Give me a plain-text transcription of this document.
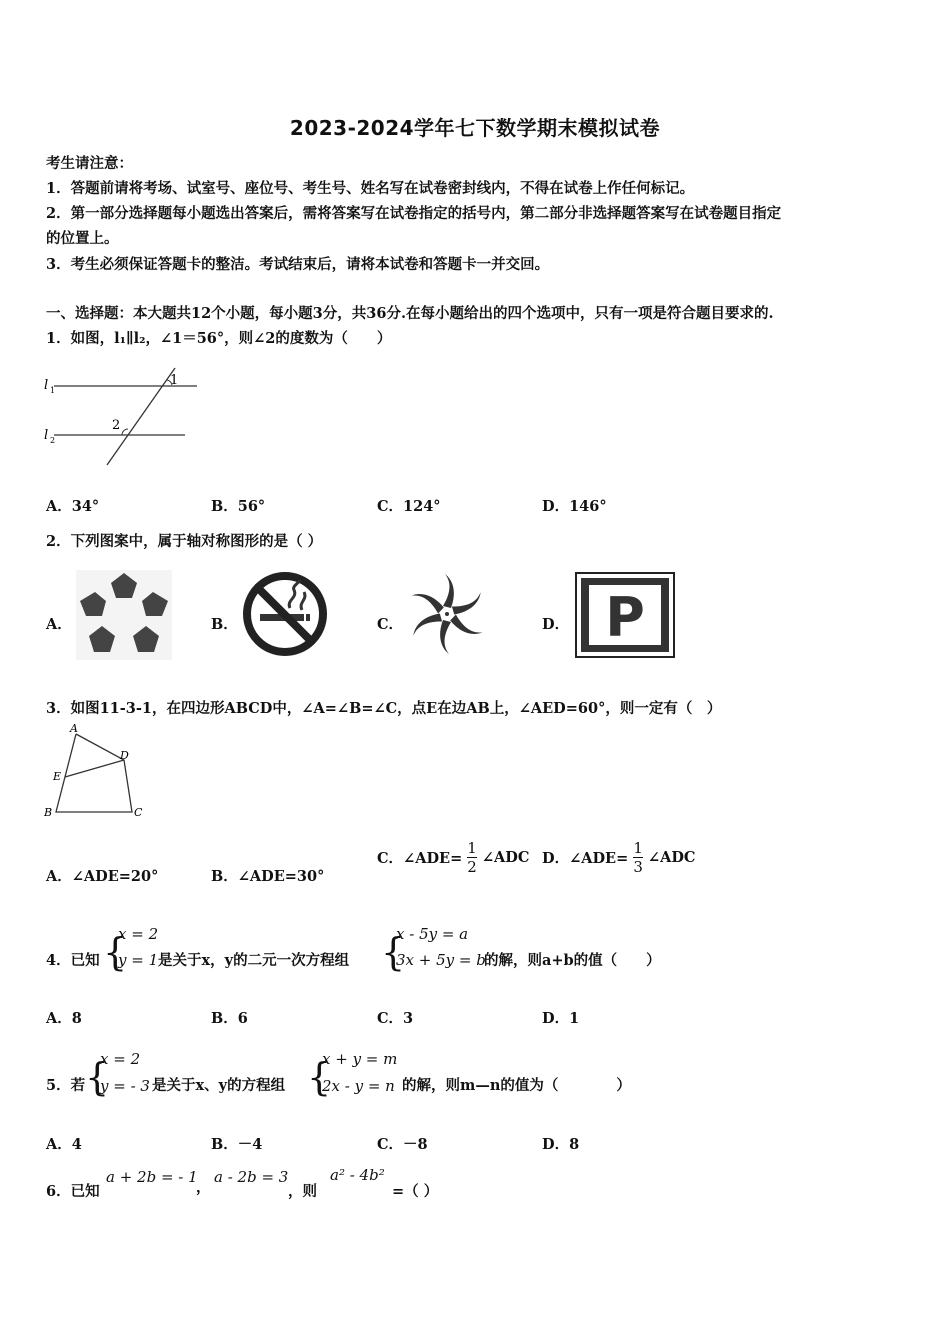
2023-2024学年七下数学期末模拟试卷
考生请注意：
1．答题前请将考场、试室号、座位号、考生号、姓名写在试卷密封线内，不得在试卷上作任何标记。
2．第一部分选择题每小题选出答案后，需将答案写在试卷指定的括号内，第二部分非选择题答案写在试卷题目指定
的位置上。
3．考生必须保证答题卡的整洁。考试结束后，请将本试卷和答题卡一并交回。
一、选择题：本大题共12个小题，每小题3分，共36分.在每小题给出的四个选项中，只有一项是符合题目要求的.
1．如图，l₁∥l₂，∠1＝56°，则∠2的度数为（　　）
l 1
l 2
1
2
A．34°	B．56°	C．124°	D．146°
2．下列图案中，属于轴对称图形的是（ ）
A．	B．	C．	D． P
3．如图11-3-1，在四边形ABCD中，∠A=∠B=∠C，点E在边AB上，∠AED=60°，则一定有（　）
A
D
E
B	C
A．∠ADE=20°	B．∠ADE=30°
C．∠ADE= $\frac{1}{2}$ ∠ADC D．∠ADE= $\frac{1}{3}$ ∠ADC
4．已知 {
x = 2
y = 1 是关于x，y的二元一次方程组 {
x - 5y = a
3x + 5y = b
的解，则a+b的值（　　）
A．8	B．6	C．3	D．1
5．若 {
x = 2
y = - 3 是关于x、y的方程组 {
x + y = m
2x - y = n 的解，则m—n的值为（　　　　）
A．4	B．－4	C．－8	D．8
6．已知
a + 2b = - 1
，
a - 2b = 3
，则
a² - 4b²
=（ ）
